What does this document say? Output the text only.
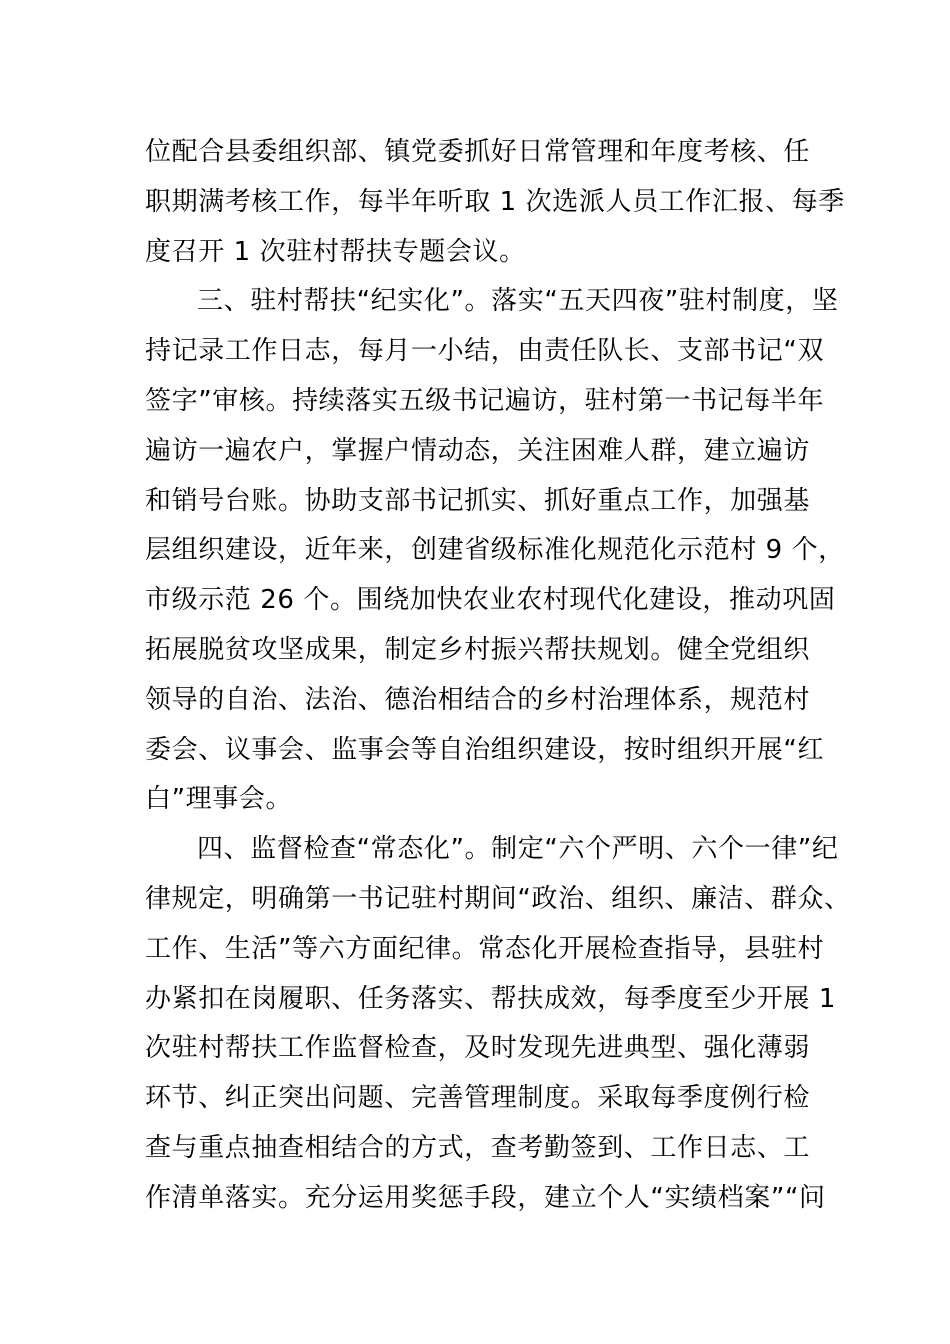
位配合县委组织部、镇党委抓好日常管理和年度考核、任
职期满考核工作，每半年听取 1 次选派人员工作汇报、每季
度召开 1 次驻村帮扶专题会议。
三、驻村帮扶“纪实化”。落实“五天四夜”驻村制度，坚
持记录工作日志，每月一小结，由责任队长、支部书记“双
签字”审核。持续落实五级书记遍访，驻村第一书记每半年
遍访一遍农户，掌握户情动态，关注困难人群，建立遍访
和销号台账。协助支部书记抓实、抓好重点工作，加强基
层组织建设，近年来，创建省级标准化规范化示范村 9 个，
市级示范 26 个。围绕加快农业农村现代化建设，推动巩固
拓展脱贫攻坚成果，制定乡村振兴帮扶规划。健全党组织
领导的自治、法治、德治相结合的乡村治理体系，规范村
委会、议事会、监事会等自治组织建设，按时组织开展“红
白”理事会。
四、监督检查“常态化”。制定“六个严明、六个一律”纪
律规定，明确第一书记驻村期间“政治、组织、廉洁、群众、
工作、生活”等六方面纪律。常态化开展检查指导，县驻村
办紧扣在岗履职、任务落实、帮扶成效，每季度至少开展 1
次驻村帮扶工作监督检查，及时发现先进典型、强化薄弱
环节、纠正突出问题、完善管理制度。采取每季度例行检
查与重点抽查相结合的方式，查考勤签到、工作日志、工
作清单落实。充分运用奖惩手段，建立个人“实绩档案”“问
